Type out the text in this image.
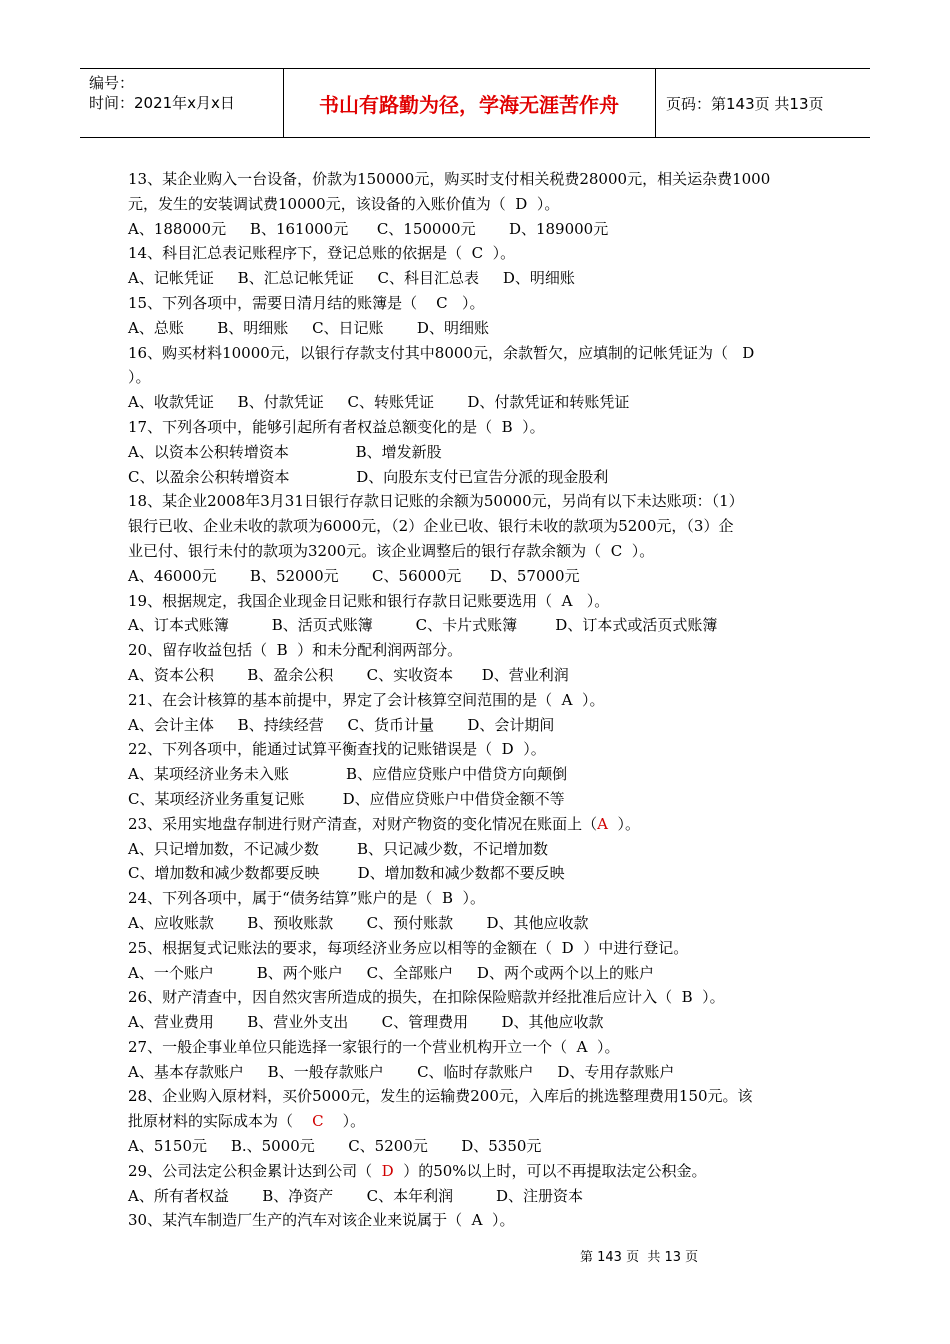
编号：
时间：2021年x月x日	书山有路勤为径，学海无涯苦作舟	页码：第143页 共13页
13、某企业购入一台设备，价款为150000元，购买时支付相关税费28000元，相关运杂费1000
元，发生的安装调试费10000元，该设备的入账价值为（  D  ）。
A、188000元     B、161000元      C、150000元       D、189000元
14、科目汇总表记账程序下，登记总账的依据是（  C  ）。
A、记帐凭证     B、汇总记帐凭证     C、科目汇总表     D、明细账
15、下列各项中，需要日清月结的账簿是（    C   ）。
A、总账       B、明细账     C、日记账       D、明细账
16、购买材料10000元，以银行存款支付其中8000元，余款暂欠，应填制的记帐凭证为（   D
）。
A、收款凭证     B、付款凭证     C、转账凭证       D、付款凭证和转账凭证
17、下列各项中，能够引起所有者权益总额变化的是（  B  ）。
A、以资本公积转增资本              B、增发新股
C、以盈余公积转增资本              D、向股东支付已宣告分派的现金股利
18、某企业2008年3月31日银行存款日记账的余额为50000元，另尚有以下未达账项：（1）
银行已收、企业未收的款项为6000元，（2）企业已收、银行未收的款项为5200元，（3）企
业已付、银行未付的款项为3200元。该企业调整后的银行存款余额为（  C  ）。
A、46000元       B、52000元       C、56000元      D、57000元
19、根据规定，我国企业现金日记账和银行存款日记账要选用（  A   ）。
A、订本式账簿         B、活页式账簿         C、卡片式账簿        D、订本式或活页式账簿
20、留存收益包括（  B  ）和未分配利润两部分。
A、资本公积       B、盈余公积       C、实收资本      D、营业利润
21、在会计核算的基本前提中，界定了会计核算空间范围的是（  A  ）。
A、会计主体     B、持续经营     C、货币计量       D、会计期间
22、下列各项中，能通过试算平衡查找的记账错误是（  D  ）。
A、某项经济业务未入账            B、应借应贷账户中借贷方向颠倒
C、某项经济业务重复记账        D、应借应贷账户中借贷金额不等
23、采用实地盘存制进行财产清查，对财产物资的变化情况在账面上（A  ）。
A、只记增加数，不记减少数        B、只记减少数，不记增加数
C、增加数和减少数都要反映        D、增加数和减少数都不要反映
24、下列各项中，属于“债务结算”账户的是（  B  ）。
A、应收账款       B、预收账款       C、预付账款       D、其他应收款
25、根据复式记账法的要求，每项经济业务应以相等的金额在（  D  ）中进行登记。
A、一个账户         B、两个账户     C、全部账户     D、两个或两个以上的账户
26、财产清查中，因自然灾害所造成的损失，在扣除保险赔款并经批准后应计入（  B  ）。
A、营业费用       B、营业外支出       C、管理费用       D、其他应收款
27、一般企事业单位只能选择一家银行的一个营业机构开立一个（  A  ）。
A、基本存款账户     B、一般存款账户       C、临时存款账户     D、专用存款账户
28、企业购入原材料，买价5000元，发生的运输费200元，入库后的挑选整理费用150元。该
批原材料的实际成本为（    C    ）。
A、5150元     B.、5000元       C、5200元       D、5350元
29、公司法定公积金累计达到公司（  D  ）的50%以上时，可以不再提取法定公积金。
A、所有者权益       B、净资产       C、本年利润         D、注册资本
30、某汽车制造厂生产的汽车对该企业来说属于（  A  ）。
第 143 页  共 13 页
